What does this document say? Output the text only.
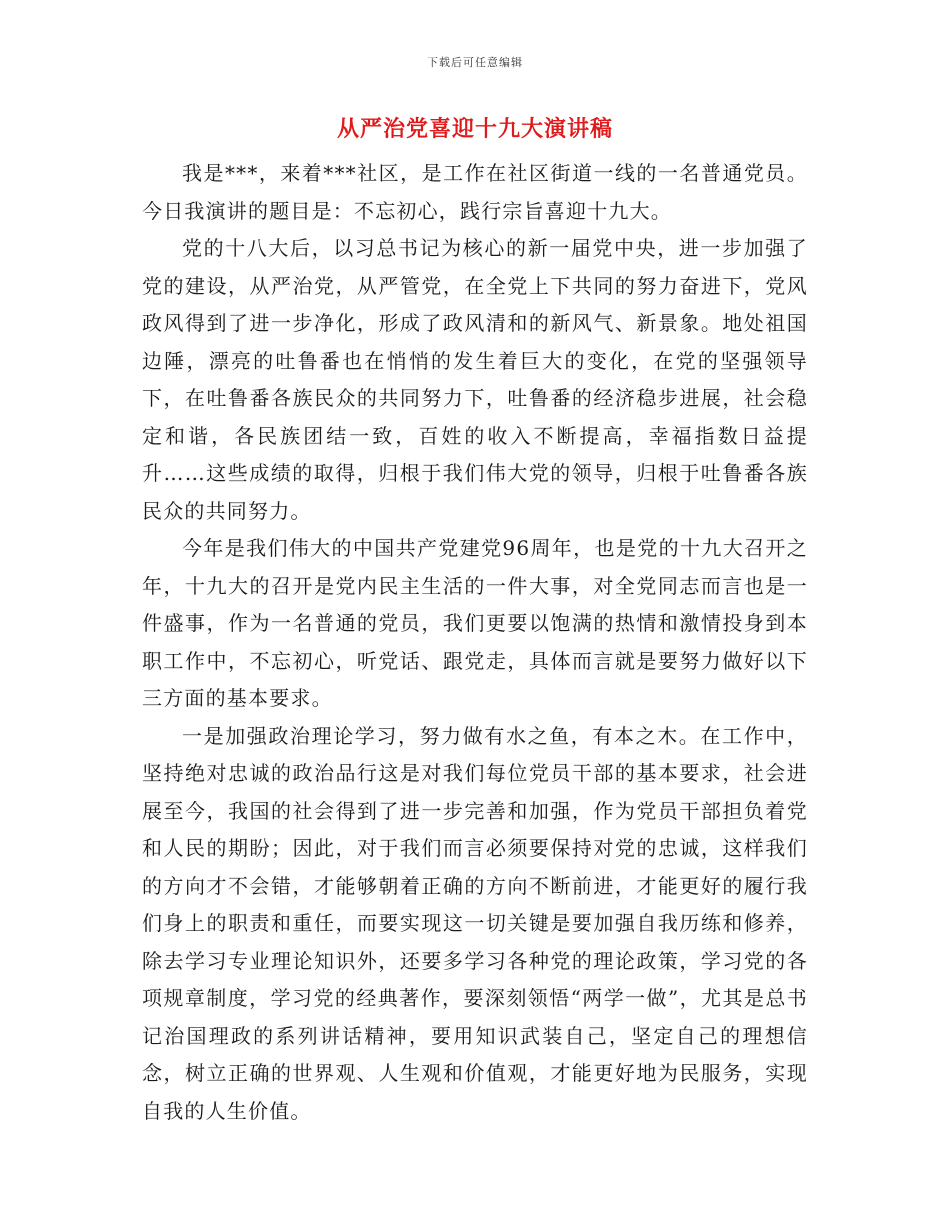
下载后可任意编辑
从严治党喜迎十九大演讲稿

我是***，来着***社区，是工作在社区街道一线的一名普通党员。今日我演讲的题目是：不忘初心，践行宗旨喜迎十九大。

党的十八大后，以习总书记为核心的新一届党中央，进一步加强了党的建设，从严治党，从严管党，在全党上下共同的努力奋进下，党风政风得到了进一步净化，形成了政风清和的新风气、新景象。地处祖国边陲，漂亮的吐鲁番也在悄悄的发生着巨大的变化，在党的坚强领导下，在吐鲁番各族民众的共同努力下，吐鲁番的经济稳步进展，社会稳定和谐，各民族团结一致，百姓的收入不断提高，幸福指数日益提升……这些成绩的取得，归根于我们伟大党的领导，归根于吐鲁番各族民众的共同努力。

今年是我们伟大的中国共产党建党96周年，也是党的十九大召开之年，十九大的召开是党内民主生活的一件大事，对全党同志而言也是一件盛事，作为一名普通的党员，我们更要以饱满的热情和激情投身到本职工作中，不忘初心，听党话、跟党走，具体而言就是要努力做好以下三方面的基本要求。

一是加强政治理论学习，努力做有水之鱼，有本之木。在工作中，坚持绝对忠诚的政治品行这是对我们每位党员干部的基本要求，社会进展至今，我国的社会得到了进一步完善和加强，作为党员干部担负着党和人民的期盼；因此，对于我们而言必须要保持对党的忠诚，这样我们的方向才不会错，才能够朝着正确的方向不断前进，才能更好的履行我们身上的职责和重任，而要实现这一切关键是要加强自我历练和修养，除去学习专业理论知识外，还要多学习各种党的理论政策，学习党的各项规章制度，学习党的经典著作，要深刻领悟“两学一做”，尤其是总书记治国理政的系列讲话精神，要用知识武装自己，坚定自己的理想信念，树立正确的世界观、人生观和价值观，才能更好地为民服务，实现自我的人生价值。
